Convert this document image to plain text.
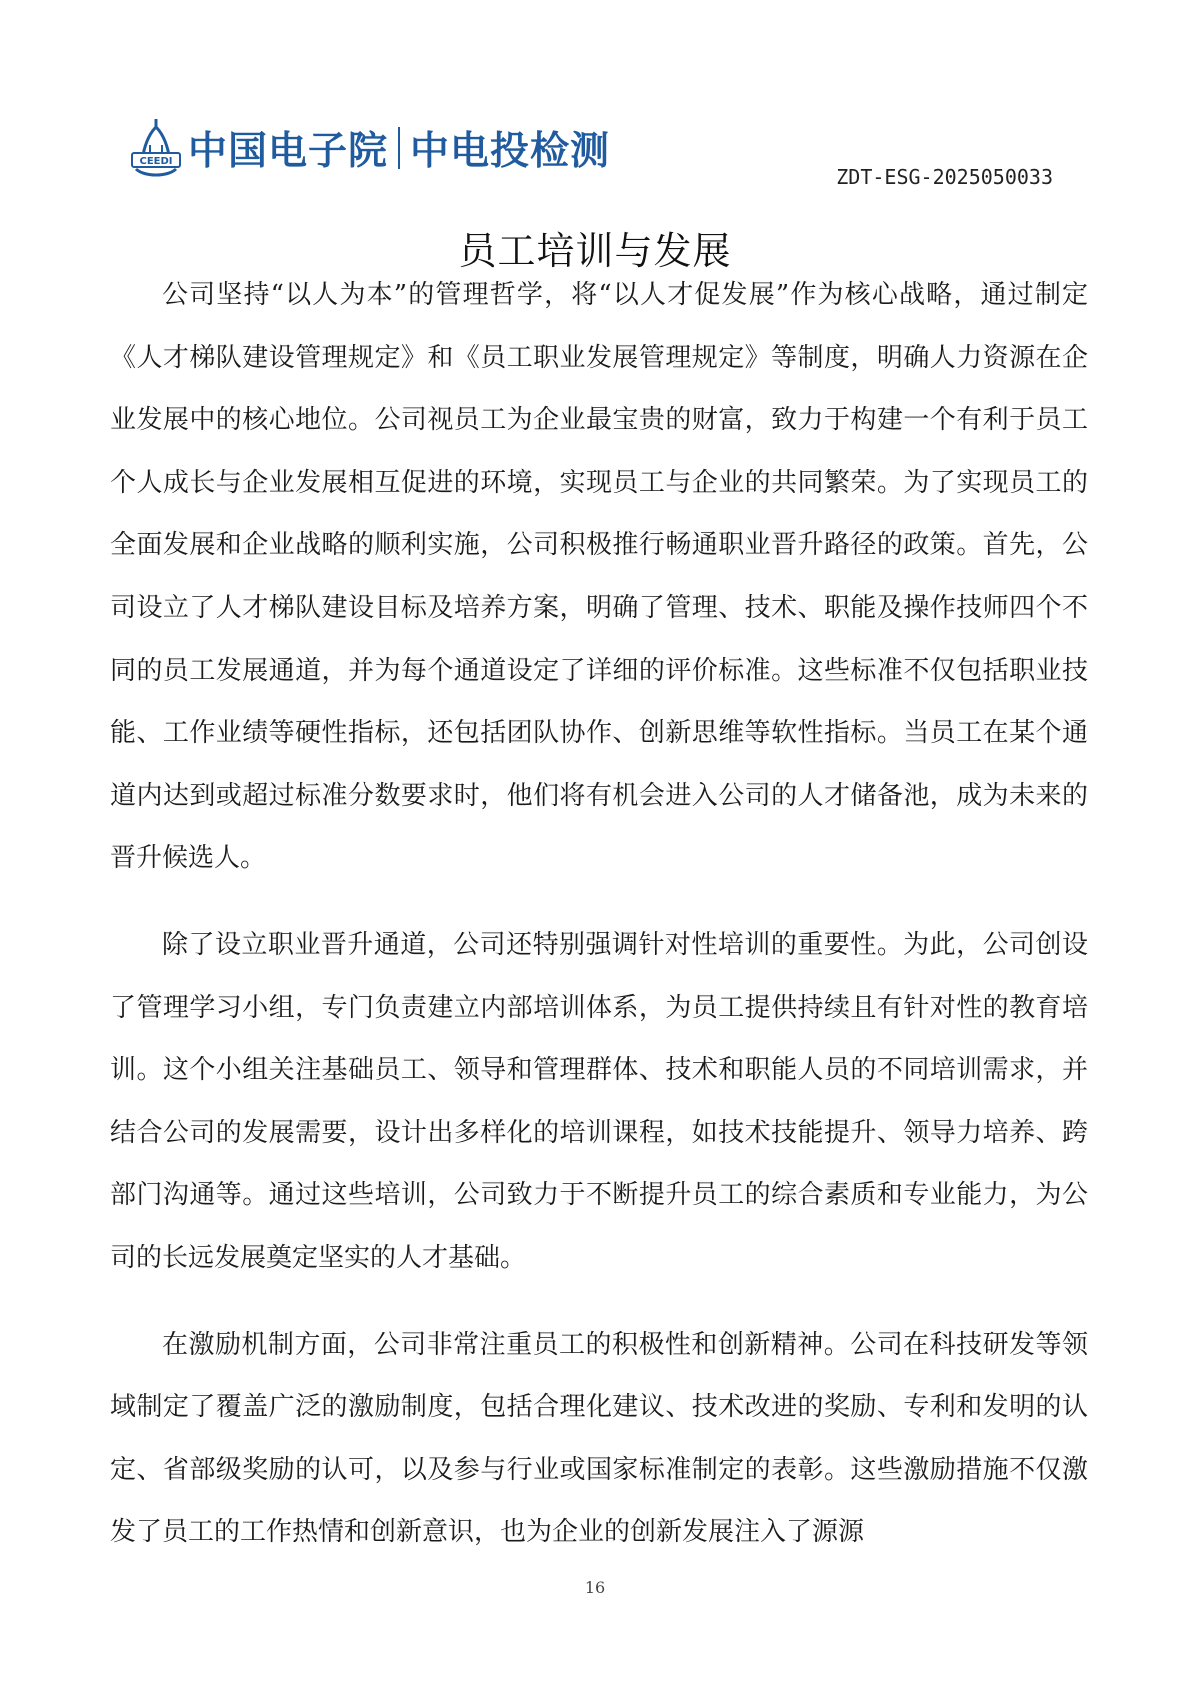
CEEDI 中国电子院 中电投检测
ZDT-ESG-2025050033
员工培训与发展

公司坚持“以人为本”的管理哲学，将“以人才促发展”作为核心战略，通过制定《人才梯队建设管理规定》和《员工职业发展管理规定》等制度，明确人力资源在企业发展中的核心地位。公司视员工为企业最宝贵的财富，致力于构建一个有利于员工个人成长与企业发展相互促进的环境，实现员工与企业的共同繁荣。为了实现员工的全面发展和企业战略的顺利实施，公司积极推行畅通职业晋升路径的政策。首先，公司设立了人才梯队建设目标及培养方案，明确了管理、技术、职能及操作技师四个不同的员工发展通道，并为每个通道设定了详细的评价标准。这些标准不仅包括职业技能、工作业绩等硬性指标，还包括团队协作、创新思维等软性指标。当员工在某个通道内达到或超过标准分数要求时，他们将有机会进入公司的人才储备池，成为未来的晋升候选人。

除了设立职业晋升通道，公司还特别强调针对性培训的重要性。为此，公司创设了管理学习小组，专门负责建立内部培训体系，为员工提供持续且有针对性的教育培训。这个小组关注基础员工、领导和管理群体、技术和职能人员的不同培训需求，并结合公司的发展需要，设计出多样化的培训课程，如技术技能提升、领导力培养、跨部门沟通等。通过这些培训，公司致力于不断提升员工的综合素质和专业能力，为公司的长远发展奠定坚实的人才基础。

在激励机制方面，公司非常注重员工的积极性和创新精神。公司在科技研发等领域制定了覆盖广泛的激励制度，包括合理化建议、技术改进的奖励、专利和发明的认定、省部级奖励的认可，以及参与行业或国家标准制定的表彰。这些激励措施不仅激发了员工的工作热情和创新意识，也为企业的创新发展注入了源源

16
